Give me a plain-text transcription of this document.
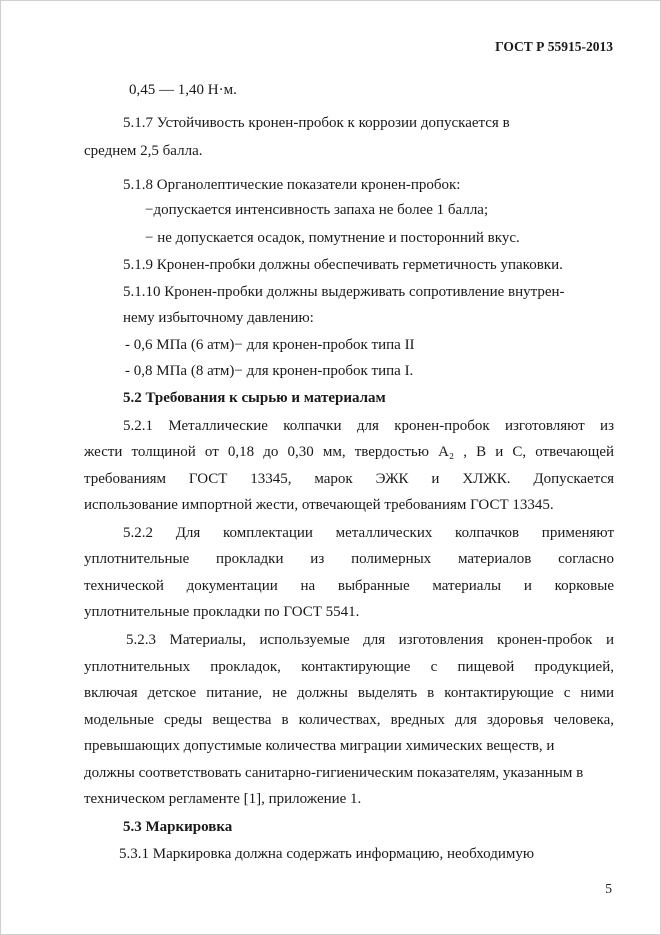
ГОСТ Р 55915-2013
0,45 — 1,40 Н·м.
5.1.7 Устойчивость кронен-пробок к коррозии допускается в
среднем 2,5 балла.
5.1.8 Органолептические показатели кронен-пробок:
−допускается интенсивность запаха не более 1 балла;
− не допускается осадок, помутнение и посторонний вкус.
5.1.9 Кронен-пробки должны обеспечивать герметичность упаковки.
5.1.10 Кронен-пробки должны выдерживать сопротивление внутрен-
нему избыточному давлению:
- 0,6 МПа (6 атм)− для кронен-пробок типа II
- 0,8 МПа (8 атм)− для кронен-пробок типа I.
5.2 Требования к сырью и материалам
5.2.1 Металлические колпачки для кронен-пробок изготовляют из
жести толщиной от 0,18 до 0,30 мм, твердостью А₂ , В и С, отвечающей
требованиям ГОСТ 13345, марок ЭЖК и ХЛЖК. Допускается
использование импортной жести, отвечающей требованиям ГОСТ 13345.
5.2.2 Для комплектации металлических колпачков применяют
уплотнительные прокладки из полимерных материалов согласно
технической документации на выбранные материалы и корковые
уплотнительные прокладки по ГОСТ 5541.
5.2.3 Материалы, используемые для изготовления кронен-пробок и
уплотнительных прокладок, контактирующие с пищевой продукцией,
включая детское питание, не должны выделять в контактирующие с ними
модельные среды вещества в количествах, вредных для здоровья человека,
превышающих допустимые количества миграции химических веществ, и
должны соответствовать санитарно-гигиеническим показателям, указанным в
техническом регламенте [1], приложение 1.
5.3 Маркировка
5.3.1 Маркировка должна содержать информацию, необходимую
5
